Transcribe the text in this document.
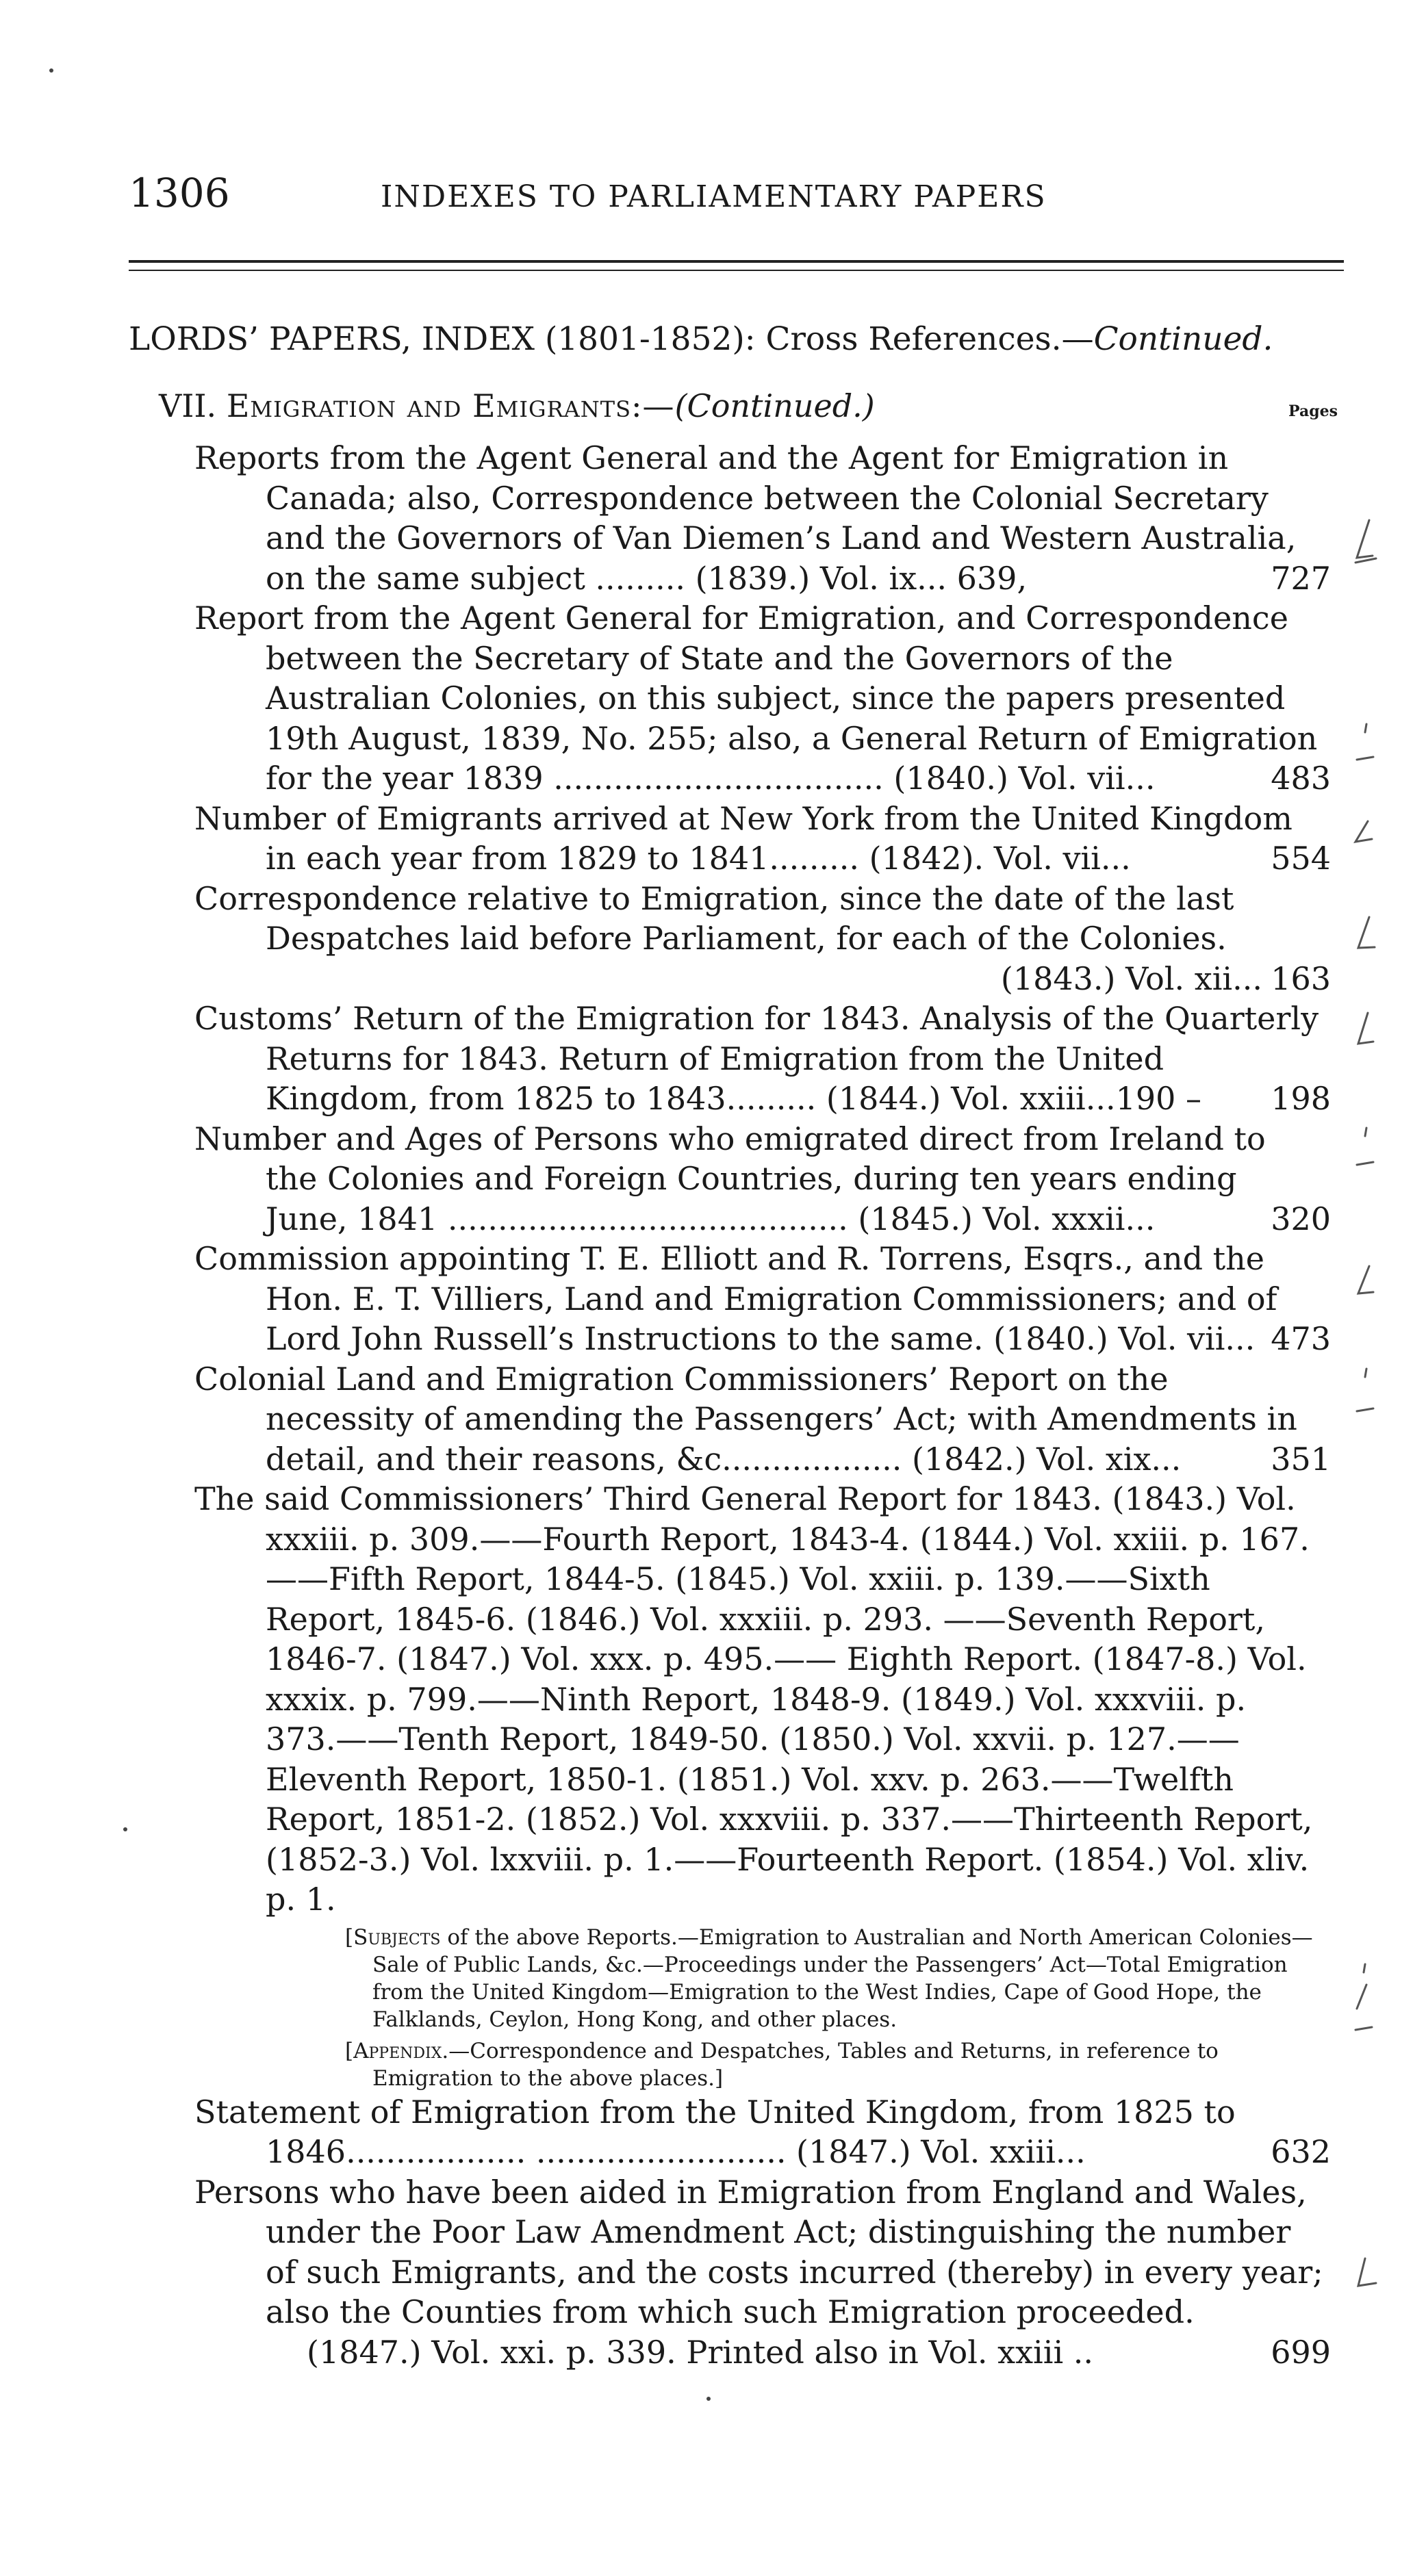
1306	INDEXES TO PARLIAMENTARY PAPERS
LORDS’ PAPERS, INDEX (1801-1852): Cross References.—Continued.
VII. Emigration and Emigrants:—(Continued.)	Pages
Reports from the Agent General and the Agent for Emigration in Canada; also, Correspondence between the Colonial Secretary and the Governors of Van Diemen’s Land and Western Australia, on the same subject ......... (1839.) Vol. ix... 639,	727
Report from the Agent General for Emigration, and Correspondence between the Secretary of State and the Governors of the Australian Colonies, on this subject, since the papers presented 19th August, 1839, No. 255; also, a General Return of Emigration for the year 1839 ................................. (1840.) Vol. vii...	483
Number of Emigrants arrived at New York from the United Kingdom in each year from 1829 to 1841......... (1842). Vol. vii...	554
Correspondence relative to Emigration, since the date of the last Despatches laid before Parliament, for each of the Colonies.
(1843.) Vol. xii... 163
Customs’ Return of the Emigration for 1843. Analysis of the Quarterly Returns for 1843. Return of Emigration from the United Kingdom, from 1825 to 1843......... (1844.) Vol. xxiii...190 – 198
Number and Ages of Persons who emigrated direct from Ireland to the Colonies and Foreign Countries, during ten years ending June, 1841 ........................................ (1845.) Vol. xxxii...	320
Commission appointing T. E. Elliott and R. Torrens, Esqrs., and the Hon. E. T. Villiers, Land and Emigration Commissioners; and of Lord John Russell’s Instructions to the same. (1840.) Vol. vii... 473
Colonial Land and Emigration Commissioners’ Report on the necessity of amending the Passengers’ Act; with Amendments in detail, and their reasons, &c.................. (1842.) Vol. xix...	351
The said Commissioners’ Third General Report for 1843. (1843.) Vol. xxxiii. p. 309.——Fourth Report, 1843-4. (1844.) Vol. xxiii. p. 167.——Fifth Report, 1844-5. (1845.) Vol. xxiii. p. 139.——Sixth Report, 1845-6. (1846.) Vol. xxxiii. p. 293. ——Seventh Report, 1846-7. (1847.) Vol. xxx. p. 495.—— Eighth Report. (1847-8.) Vol. xxxix. p. 799.——Ninth Report, 1848-9. (1849.) Vol. xxxviii. p. 373.——Tenth Report, 1849-50. (1850.) Vol. xxvii. p. 127.——Eleventh Report, 1850-1. (1851.) Vol. xxv. p. 263.——Twelfth Report, 1851-2. (1852.) Vol. xxxviii. p. 337.——Thirteenth Report, (1852-3.) Vol. lxxviii. p. 1.——Fourteenth Report. (1854.) Vol. xliv. p. 1.
[Subjects of the above Reports.—Emigration to Australian and North American Colonies—Sale of Public Lands, &c.—Proceedings under the Passengers’ Act—Total Emigration from the United Kingdom—Emigration to the West Indies, Cape of Good Hope, the Falklands, Ceylon, Hong Kong, and other places.
[Appendix.—Correspondence and Despatches, Tables and Returns, in reference to Emigration to the above places.]
Statement of Emigration from the United Kingdom, from 1825 to 1846.................. ......................... (1847.) Vol. xxiii...	632
Persons who have been aided in Emigration from England and Wales, under the Poor Law Amendment Act; distinguishing the number of such Emigrants, and the costs incurred (thereby) in every year; also the Counties from which such Emigration proceeded.
(1847.) Vol. xxi. p. 339. Printed also in Vol. xxiii ..	699
